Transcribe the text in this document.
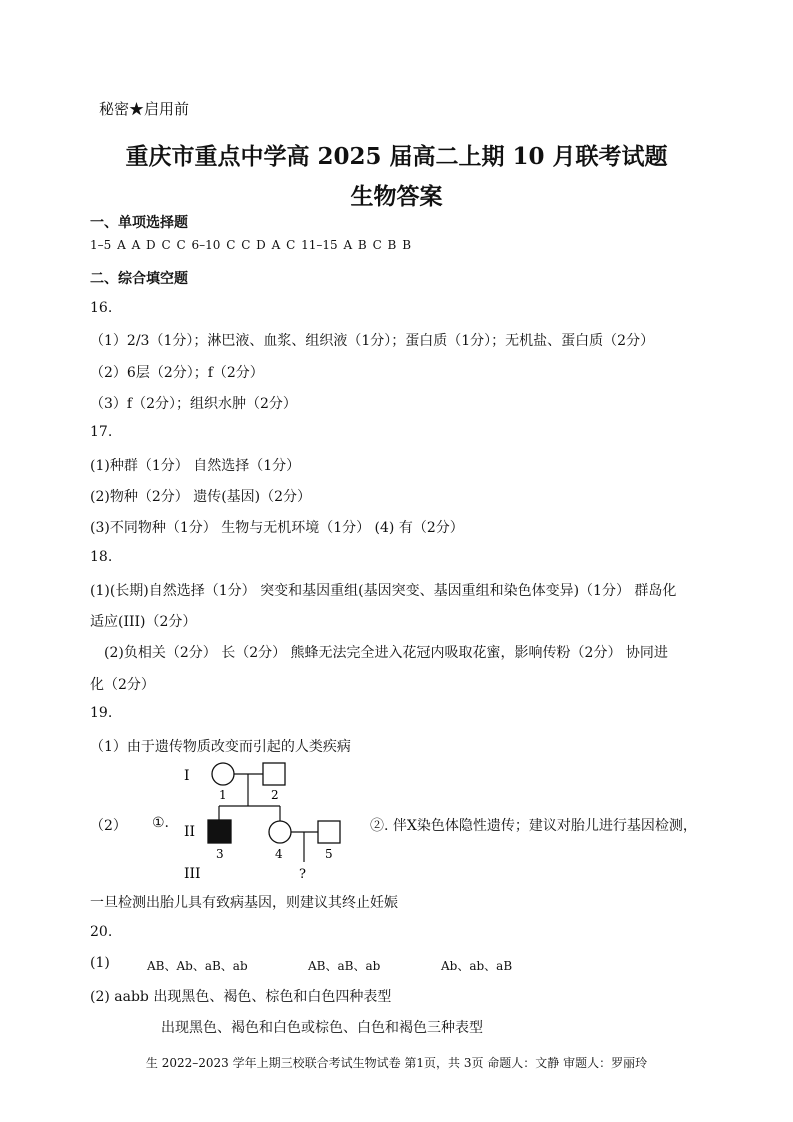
秘密★启用前
重庆市重点中学高 2025 届高二上期 10 月联考试题
生物答案
一、单项选择题
1–5 A A D C C 6–10 C C D A C 11–15 A B C B B
二、综合填空题
16.
（1）2/3（1分）；淋巴液、血浆、组织液（1分）；蛋白质（1分）；无机盐、蛋白质（2分）
（2）6层（2分）；f（2分）
（3）f（2分）；组织水肿（2分）
17.
(1)种群（1分） 自然选择（1分）
(2)物种（2分） 遗传(基因)（2分）
(3)不同物种（1分） 生物与无机环境（1分） (4) 有（2分）
18.
(1)(长期)自然选择（1分） 突变和基因重组(基因突变、基因重组和染色体变异)（1分） 群岛化
适应(III)（2分）
(2)负相关（2分） 长（2分） 熊蜂无法完全进入花冠内吸取花蜜，影响传粉（2分） 协同进
化（2分）
19.
（1）由于遗传物质改变而引起的人类疾病
（2） ①.	②. 伴X染色体隐性遗传；建议对胎儿进行基因检测，
一旦检测出胎儿具有致病基因，则建议其终止妊娠
I
II
III
1	2
3	4	5
?
20.
(1)	AB、Ab、aB、ab	AB、aB、ab	Ab、ab、aB
(2) aabb 出现黑色、褐色、棕色和白色四种表型
出现黑色、褐色和白色或棕色、白色和褐色三种表型
生 2022–2023 学年上期三校联合考试生物试卷 第1页，共 3页 命题人：文静 审题人：罗丽玲
